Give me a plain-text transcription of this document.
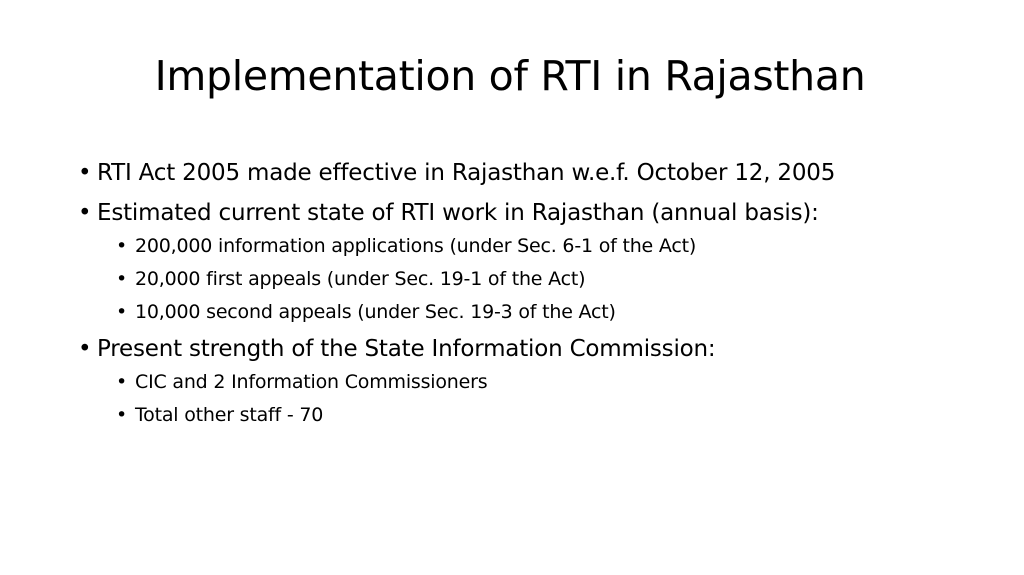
Implementation of RTI in Rajasthan
• RTI Act 2005 made effective in Rajasthan w.e.f. October 12, 2005
• Estimated current state of RTI work in Rajasthan (annual basis):
• 200,000 information applications (under Sec. 6-1 of the Act)
• 20,000 first appeals (under Sec. 19-1 of the Act)
• 10,000 second appeals (under Sec. 19-3 of the Act)
• Present strength of the State Information Commission:
• CIC and 2 Information Commissioners
• Total other staff - 70
